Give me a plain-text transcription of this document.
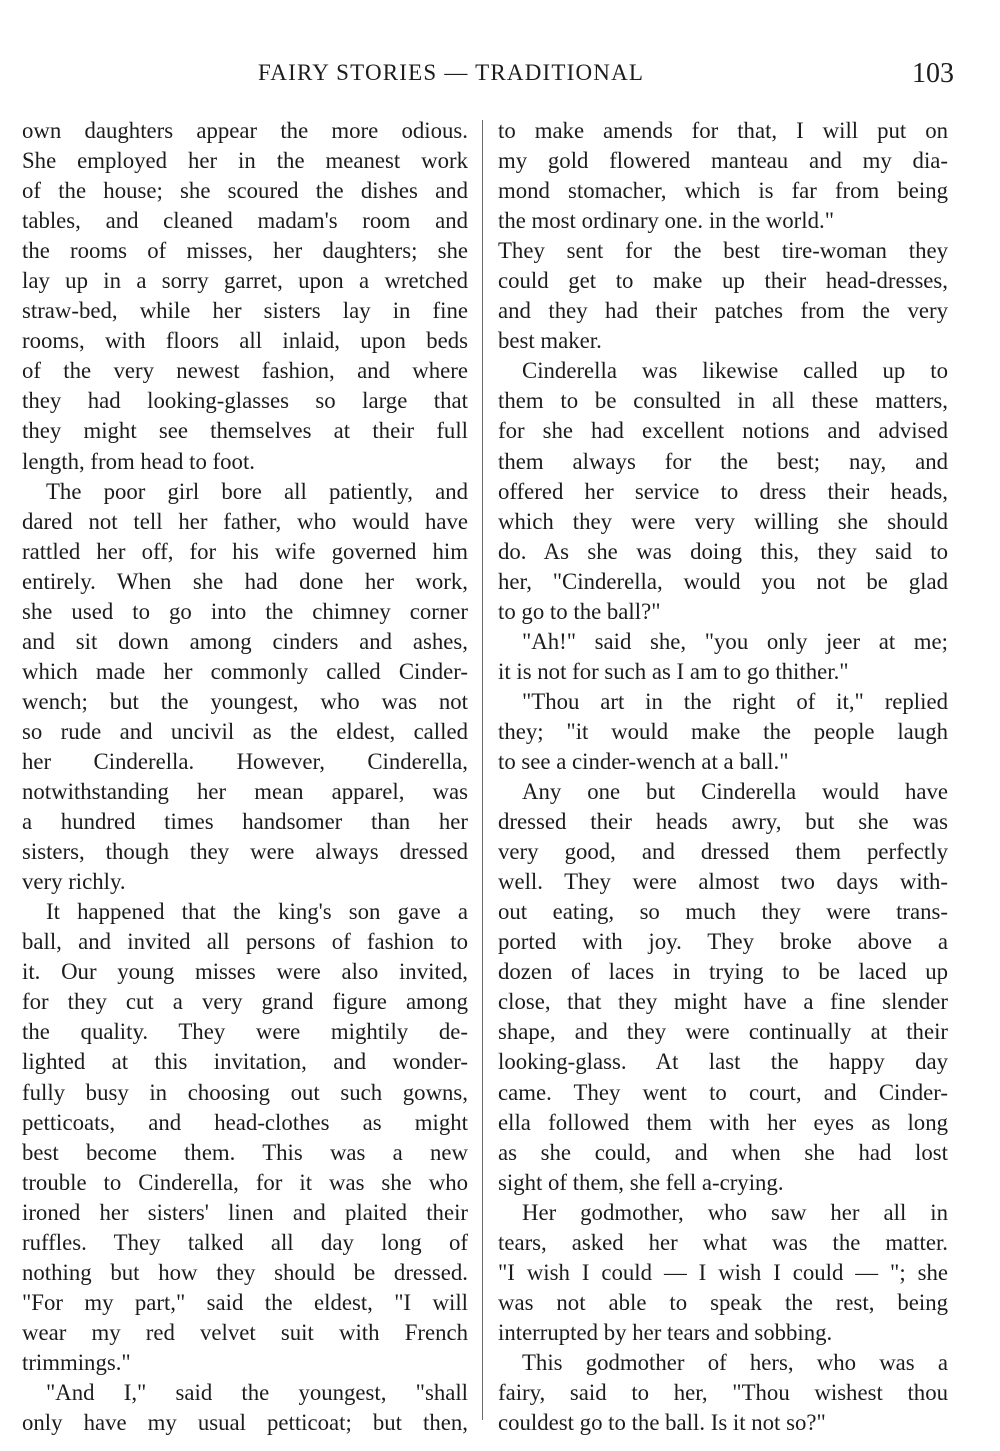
FAIRY STORIES — TRADITIONAL	103
own daughters appear the more odious.
She employed her in the meanest work
of the house; she scoured the dishes and
tables, and cleaned madam's room and
the rooms of misses, her daughters; she
lay up in a sorry garret, upon a wretched
straw-bed, while her sisters lay in fine
rooms, with floors all inlaid, upon beds
of the very newest fashion, and where
they had looking-glasses so large that
they might see themselves at their full
length, from head to foot.
The poor girl bore all patiently, and
dared not tell her father, who would have
rattled her off, for his wife governed him
entirely. When she had done her work,
she used to go into the chimney corner
and sit down among cinders and ashes,
which made her commonly called Cinder-
wench; but the youngest, who was not
so rude and uncivil as the eldest, called
her Cinderella. However, Cinderella,
notwithstanding her mean apparel, was
a hundred times handsomer than her
sisters, though they were always dressed
very richly.
It happened that the king's son gave a
ball, and invited all persons of fashion to
it. Our young misses were also invited,
for they cut a very grand figure among
the quality. They were mightily de-
lighted at this invitation, and wonder-
fully busy in choosing out such gowns,
petticoats, and head-clothes as might
best become them. This was a new
trouble to Cinderella, for it was she who
ironed her sisters' linen and plaited their
ruffles. They talked all day long of
nothing but how they should be dressed.
"For my part," said the eldest, "I will
wear my red velvet suit with French
trimmings."
"And I," said the youngest, "shall
only have my usual petticoat; but then,
to make amends for that, I will put on
my gold flowered manteau and my dia-
mond stomacher, which is far from being
the most ordinary one. in the world."
They sent for the best tire-woman they
could get to make up their head-dresses,
and they had their patches from the very
best maker.
Cinderella was likewise called up to
them to be consulted in all these matters,
for she had excellent notions and advised
them always for the best; nay, and
offered her service to dress their heads,
which they were very willing she should
do. As she was doing this, they said to
her, "Cinderella, would you not be glad
to go to the ball?"
"Ah!" said she, "you only jeer at me;
it is not for such as I am to go thither."
"Thou art in the right of it," replied
they; "it would make the people laugh
to see a cinder-wench at a ball."
Any one but Cinderella would have
dressed their heads awry, but she was
very good, and dressed them perfectly
well. They were almost two days with-
out eating, so much they were trans-
ported with joy. They broke above a
dozen of laces in trying to be laced up
close, that they might have a fine slender
shape, and they were continually at their
looking-glass. At last the happy day
came. They went to court, and Cinder-
ella followed them with her eyes as long
as she could, and when she had lost
sight of them, she fell a-crying.
Her godmother, who saw her all in
tears, asked her what was the matter.
"I wish I could — I wish I could — "; she
was not able to speak the rest, being
interrupted by her tears and sobbing.
This godmother of hers, who was a
fairy, said to her, "Thou wishest thou
couldest go to the ball. Is it not so?"
